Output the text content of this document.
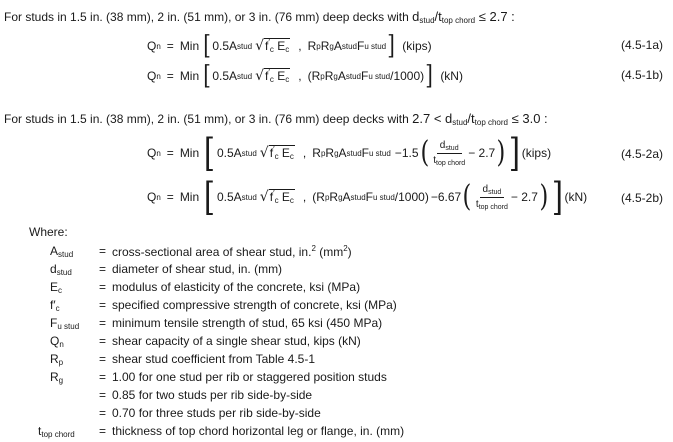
For studs in 1.5 in. (38 mm), 2 in. (51 mm), or 3 in. (76 mm) deep decks with $d_{stud}/t_{top chord} \le 2.7$ :
Q n = Min [ 0.5A stud $√f'_c$ $E_c$ , R p R g A stud F u stud ] (kips)	(4.5-1a)
Q n = Min [ 0.5A stud $√f'_c$ $E_c$ , ( R p R g A stud F u stud /1000) ] (kN)	(4.5-1b)
For studs in 1.5 in. (38 mm), 2 in. (51 mm), or 3 in. (76 mm) deep decks with $2.7 < d_{stud}/t_{top chord} \le 3.0$ :
Q n = Min [ 0.5A stud $√f'_c$ $E_c$ , R p R g A stud F u stud − 1.5 ( $\frac{d_{stud}}{t_{top chord}} - 2.7$ ) ] (kips)	(4.5-2a)
Q n = Min [ 0.5A stud $√f'_c$ $E_c$ , ( R p R g A stud F u stud /1000) − 6.67 ( $\frac{d_{stud}}{t_{top chord}} - 2.7$ ) ] (kN)	(4.5-2b)
Where:
$A_{stud}$	= cross-sectional area of shear stud, in.$^2$ $(mm^2)$
$d_{stud}$	= diameter of shear stud, in. (mm)
$E_c$	= modulus of elasticity of the concrete, ksi (MPa)
$f'_c$	= specified compressive strength of concrete, ksi (MPa)
$F_{u stud}$	= minimum tensile strength of stud, 65 ksi (450 MPa)
$Q_n$	= shear capacity of a single shear stud, kips (kN)
$R_p$	= shear stud coefficient from Table 4.5-1
$R_g$	= 1.00 for one stud per rib or staggered position studs
= 0.85 for two studs per rib side-by-side
= 0.70 for three studs per rib side-by-side
$t_{top chord}$	= thickness of top chord horizontal leg or flange, in. (mm)
